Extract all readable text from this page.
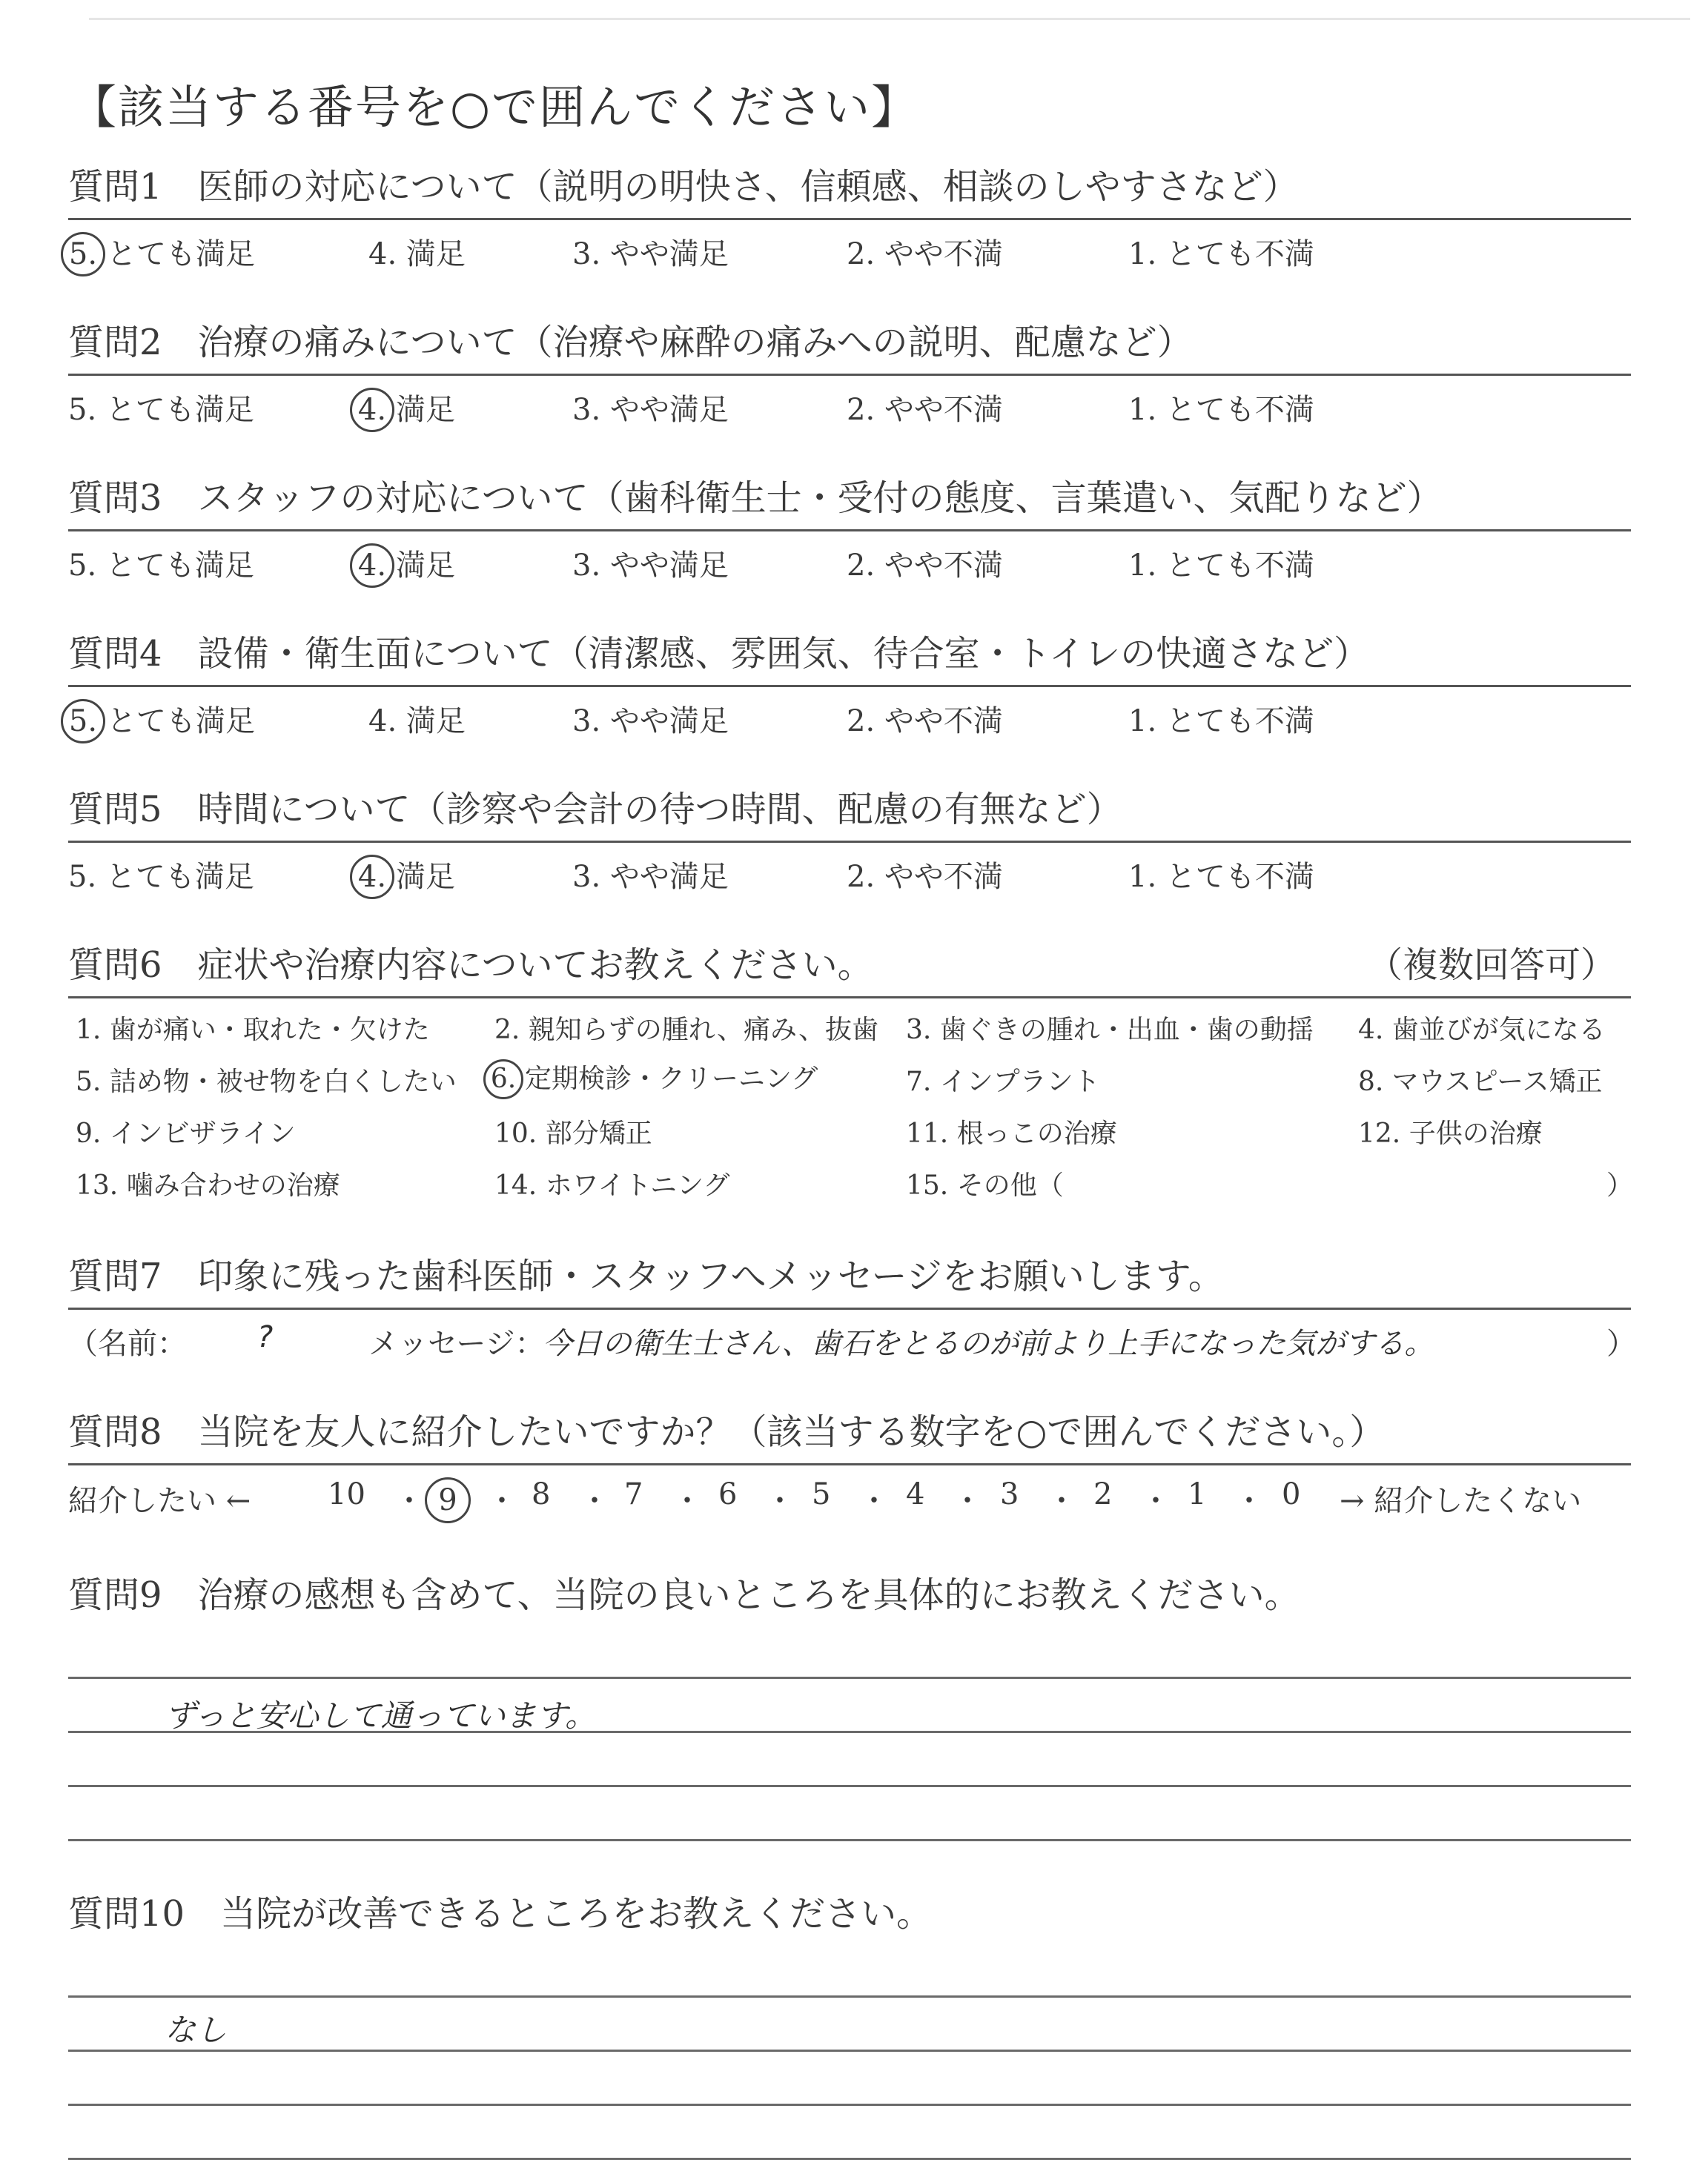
【該当する番号を○で囲んでください】
質問1　医師の対応について（説明の明快さ、信頼感、相談のしやすさなど）
5. とても満足	4. 満足	3. やや満足	2. やや不満	1. とても不満
質問2　治療の痛みについて（治療や麻酔の痛みへの説明、配慮など）
5. とても満足	4. 満足	3. やや満足	2. やや不満	1. とても不満
質問3　スタッフの対応について（歯科衛生士・受付の態度、言葉遣い、気配りなど）
5. とても満足	4. 満足	3. やや満足	2. やや不満	1. とても不満
質問4　設備・衛生面について（清潔感、雰囲気、待合室・トイレの快適さなど）
5. とても満足	4. 満足	3. やや満足	2. やや不満	1. とても不満
質問5　時間について（診察や会計の待つ時間、配慮の有無など）
5. とても満足	4. 満足	3. やや満足	2. やや不満	1. とても不満
質問6　症状や治療内容についてお教えください。	（複数回答可）
1. 歯が痛い・取れた・欠けた 2. 親知らずの腫れ、痛み、抜歯 3. 歯ぐきの腫れ・出血・歯の動揺 4. 歯並びが気になる
5. 詰め物・被せ物を白くしたい 6. 定期検診・クリーニング	7. インプラント	8. マウスピース矯正
9. インビザライン	10. 部分矯正	11. 根っこの治療	12. 子供の治療
13. 噛み合わせの治療	14. ホワイトニング	15. その他（	）
質問7　印象に残った歯科医師・スタッフへメッセージをお願いします。
（名前： ?	メッセージ：
今日の衛生士さん、歯石をとるのが前より上手になった気がする。	）
質問8　当院を友人に紹介したいですか？（該当する数字を○で囲んでください。）
紹介したい ←	10 ・ 9	・ 8 ・ 7 ・ 6 ・ 5 ・ 4 ・ 3 ・ 2 ・ 1 ・ 0 → 紹介したくない
質問9　治療の感想も含めて、当院の良いところを具体的にお教えください。
ずっと安心して通っています。
質問10　当院が改善できるところをお教えください。
なし
